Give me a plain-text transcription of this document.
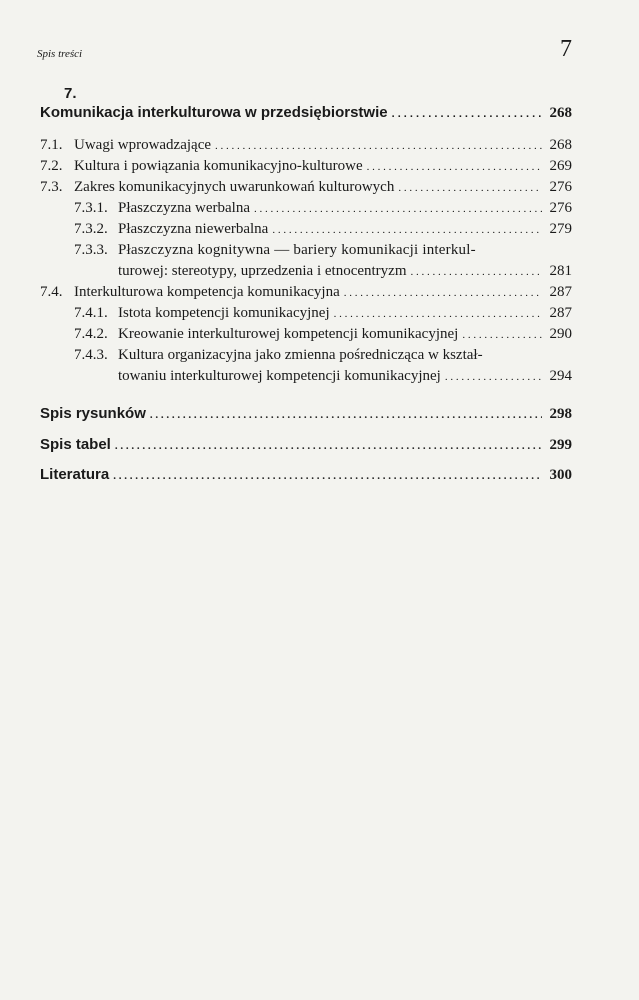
Spis treści	7
7.
Komunikacja interkulturowa w przedsiębiorstwie . . .	268
7.1. Uwagi wprowadzające . . .	268
7.2. Kultura i powiązania komunikacyjno-kulturowe . . .	269
7.3. Zakres komunikacyjnych uwarunkowań kulturowych . . .	276
7.3.1. Płaszczyzna werbalna . . .	276
7.3.2. Płaszczyzna niewerbalna . . .	279
7.3.3. Płaszczyzna kognitywna — bariery komunikacji interkul-
turowej: stereotypy, uprzedzenia i etnocentryzm . . .	281
7.4. Interkulturowa kompetencja komunikacyjna . . .	287
7.4.1. Istota kompetencji komunikacyjnej . . .	287
7.4.2. Kreowanie interkulturowej kompetencji komunikacyjnej . . .	290
7.4.3. Kultura organizacyjna jako zmienna pośrednicząca w kształ-
towaniu interkulturowej kompetencji komunikacyjnej . . .	294
Spis rysunków . . .	298
Spis tabel . . .	299
Literatura . . .	300
